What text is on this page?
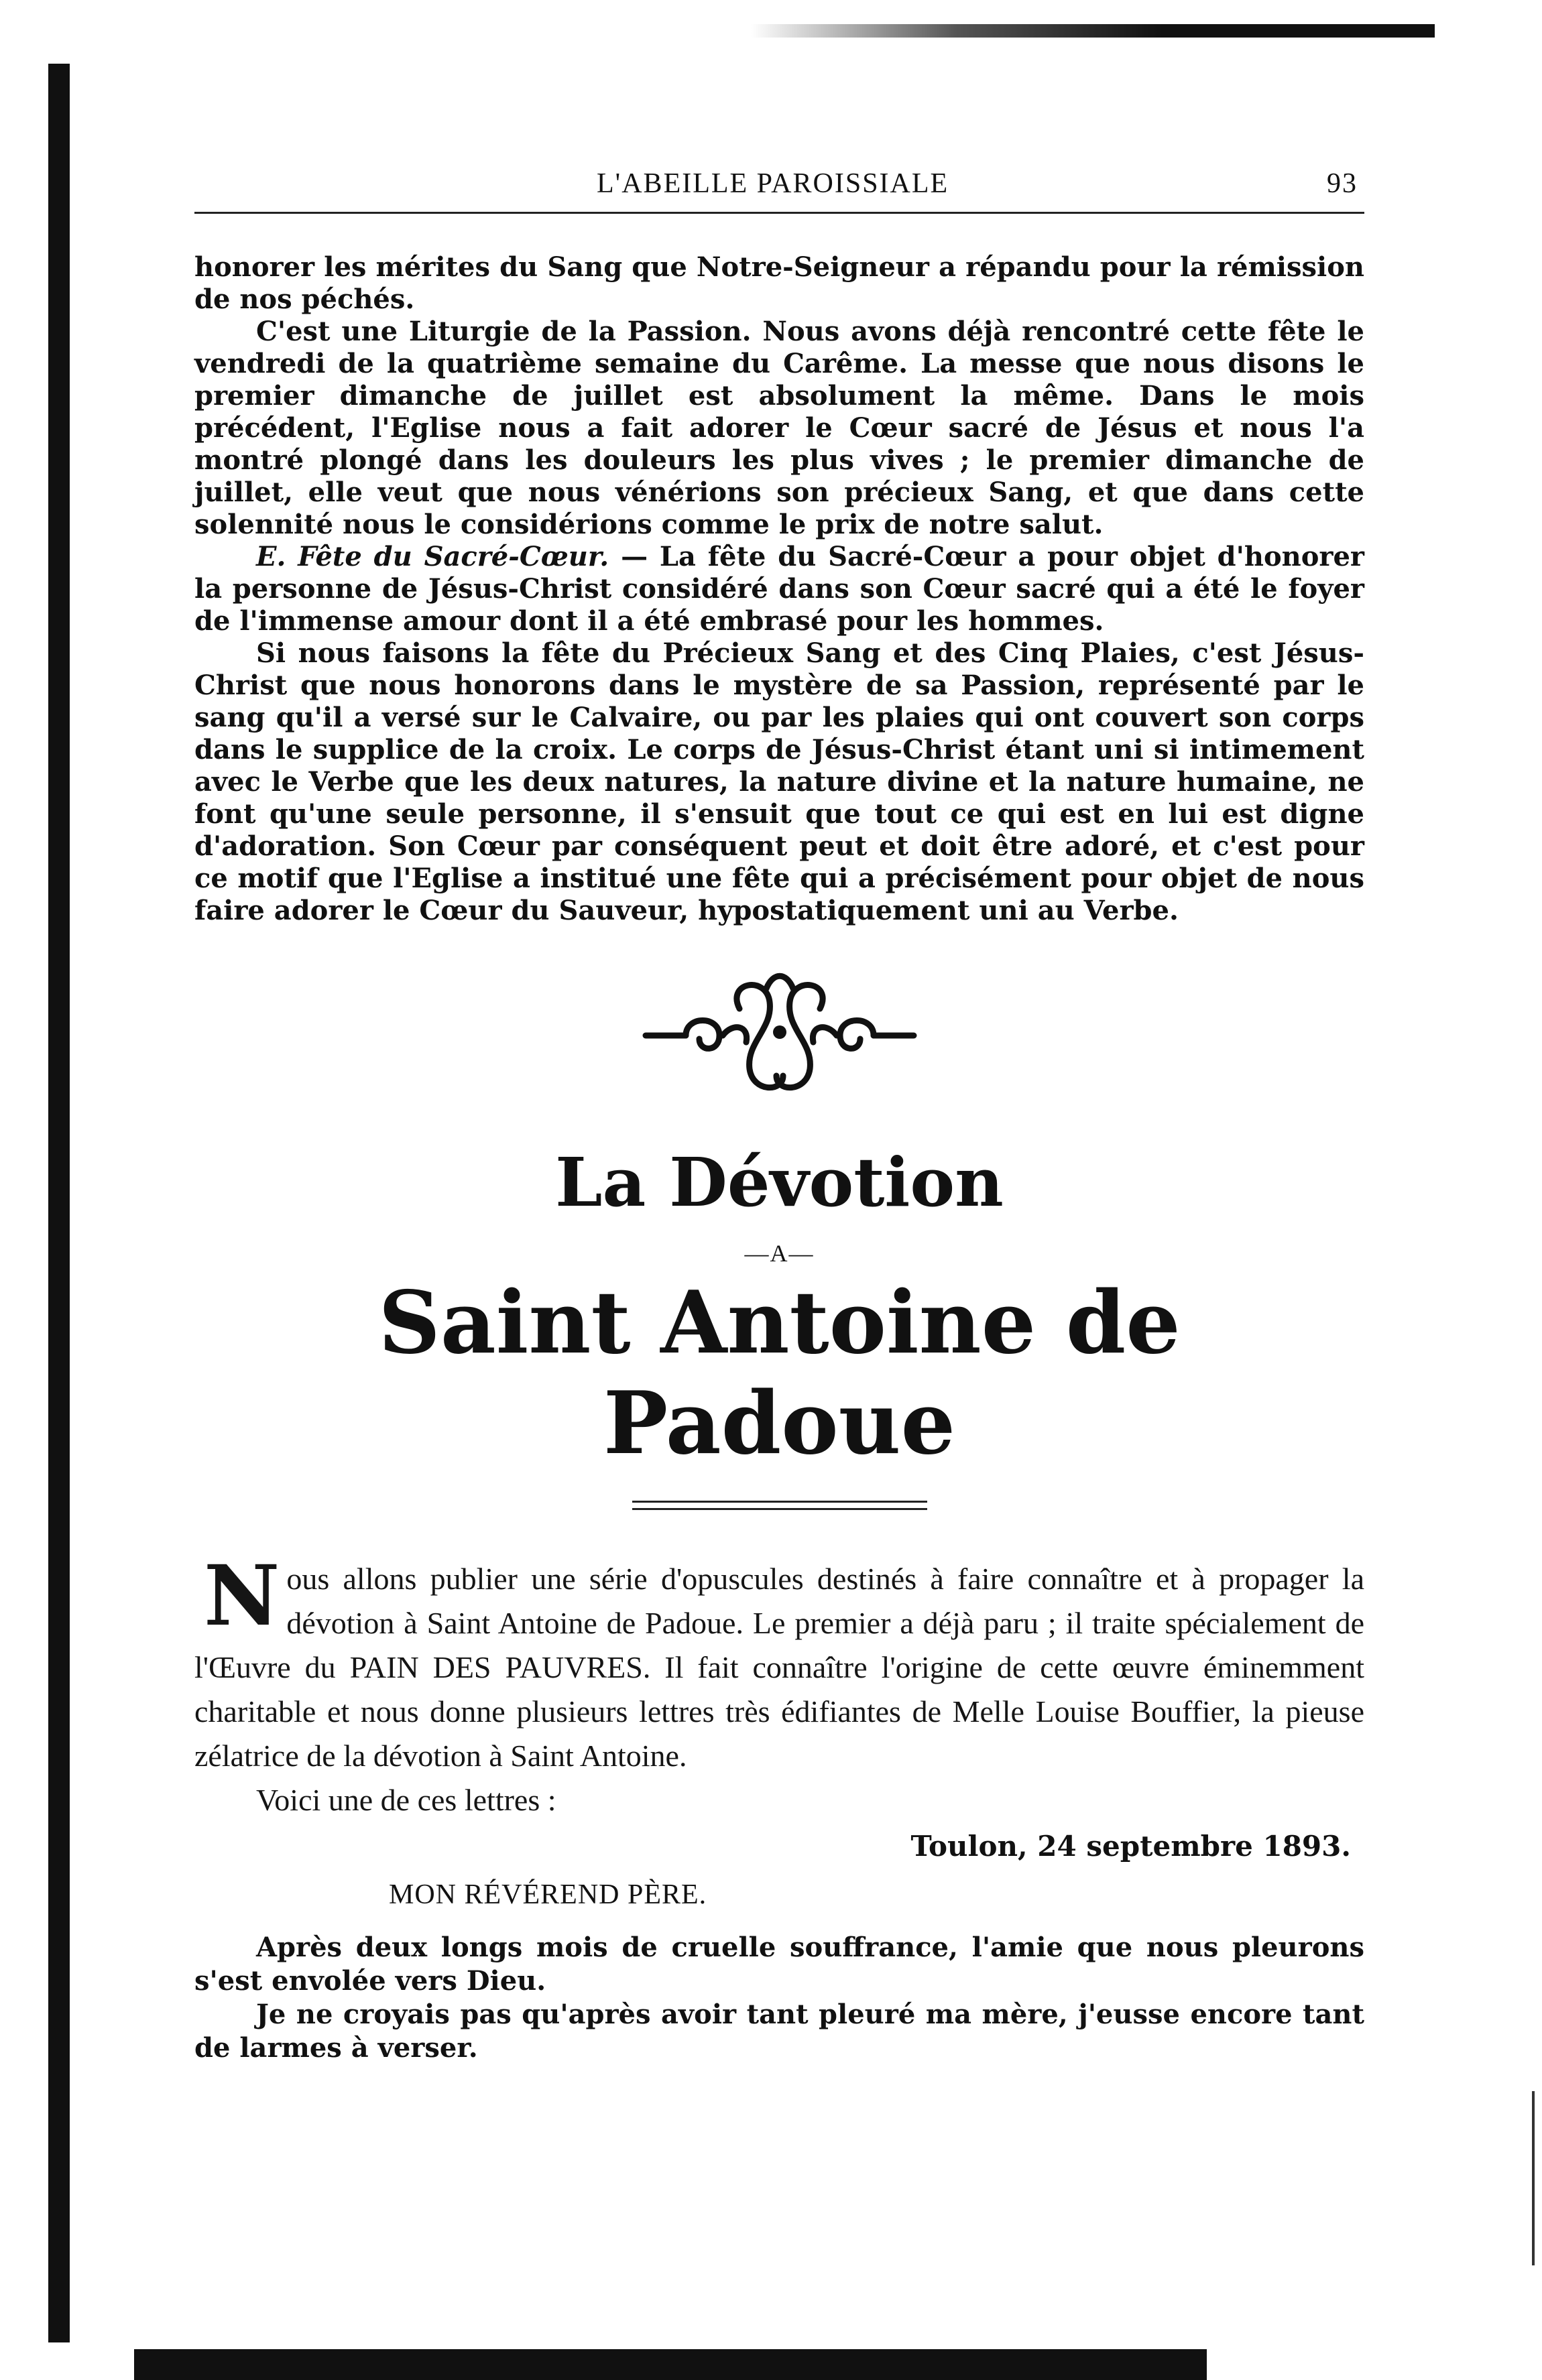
L'ABEILLE PAROISSIALE	93

honorer les mérites du Sang que Notre-Seigneur a répandu pour la rémission de nos péchés.

C'est une Liturgie de la Passion. Nous avons déjà rencontré cette fête le vendredi de la quatrième semaine du Carême. La messe que nous disons le premier dimanche de juillet est absolument la même. Dans le mois précédent, l'Eglise nous a fait adorer le Cœur sacré de Jésus et nous l'a montré plongé dans les douleurs les plus vives ; le premier dimanche de juillet, elle veut que nous vénérions son précieux Sang, et que dans cette solennité nous le considérions comme le prix de notre salut.

E. Fête du Sacré-Cœur. — La fête du Sacré-Cœur a pour objet d'honorer la personne de Jésus-Christ considéré dans son Cœur sacré qui a été le foyer de l'immense amour dont il a été embrasé pour les hommes.

Si nous faisons la fête du Précieux Sang et des Cinq Plaies, c'est Jésus-Christ que nous honorons dans le mystère de sa Passion, représenté par le sang qu'il a versé sur le Calvaire, ou par les plaies qui ont couvert son corps dans le supplice de la croix. Le corps de Jésus-Christ étant uni si intimement avec le Verbe que les deux natures, la nature divine et la nature humaine, ne font qu'une seule personne, il s'ensuit que tout ce qui est en lui est digne d'adoration. Son Cœur par conséquent peut et doit être adoré, et c'est pour ce motif que l'Eglise a institué une fête qui a précisément pour objet de nous faire adorer le Cœur du Sauveur, hypostatiquement uni au Verbe.

La Dévotion
—A—
Saint Antoine de Padoue

Nous allons publier une série d'opuscules destinés à faire connaître et à propager la dévotion à Saint Antoine de Padoue. Le premier a déjà paru ; il traite spécialement de l'Œuvre du PAIN DES PAUVRES. Il fait connaître l'origine de cette œuvre éminemment charitable et nous donne plusieurs lettres très édifiantes de Melle Louise Bouffier, la pieuse zélatrice de la dévotion à Saint Antoine.

Voici une de ces lettres :

Toulon, 24 septembre 1893.
MON RÉVÉREND PÈRE.

Après deux longs mois de cruelle souffrance, l'amie que nous pleurons s'est envolée vers Dieu.

Je ne croyais pas qu'après avoir tant pleuré ma mère, j'eusse encore tant de larmes à verser.
